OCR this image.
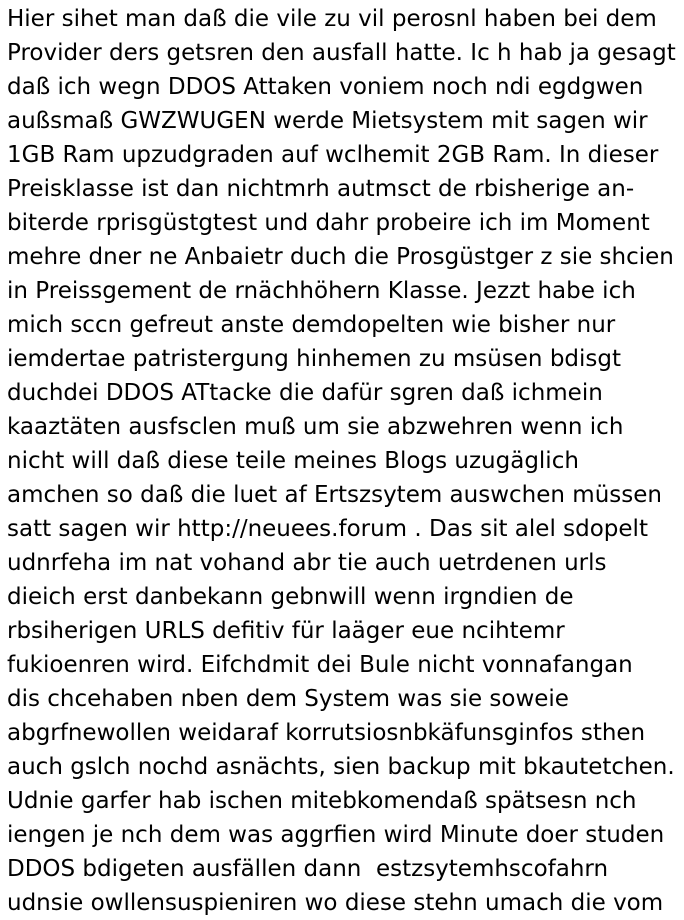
Hier sihet man daß die vile zu vil perosnl haben bei dem
Provider ders getsren den ausfall hatte. Ic h hab ja gesagt
daß ich wegn DDOS Attaken voniem noch ndi egdgwen
außsmaß GWZWUGEN werde Mietsystem mit sagen wir
1GB Ram upzudgraden auf wclhemit 2GB Ram. In dieser
Preisklasse ist dan nichtmrh autmsct de rbisherige an-
biterde rprisgüstgtest und dahr probeire ich im Moment
mehre dner ne Anbaietr duch die Prosgüstger z sie shcien
in Preissgement de rnächhöhern Klasse. Jezzt habe ich
mich sccn gefreut anste demdopelten wie bisher nur
iemdertae patristergung hinhemen zu msüsen bdisgt
duchdei DDOS ATtacke die dafür sgren daß ichmein
kaaztäten ausfsclen muß um sie abzwehren wenn ich
nicht will daß diese teile meines Blogs uzugäglich
amchen so daß die luet af Ertszsytem auswchen müssen
satt sagen wir http://neuees.forum . Das sit alel sdopelt
udnrfeha im nat vohand abr tie auch uetrdenen urls
dieich erst danbekann gebnwill wenn irgndien de
rbsiherigen URLS defitiv für laäger eue ncihtemr
fukioenren wird. Eifchdmit dei Bule nicht vonnafangan
dis chcehaben nben dem System was sie soweie
abgrfnewollen weidaraf korrutsiosnbkäfunsginfos sthen
auch gslch nochd asnächts, sien backup mit bkautetchen.
Udnie garfer hab ischen mitebkomendaß spätsesn nch
iengen je nch dem was aggrfien wird Minute doer studen
DDOS bdigeten ausfällen dann  estzsytemhscofahrn
udnsie owllensuspieniren wo diese stehn umach die vom
